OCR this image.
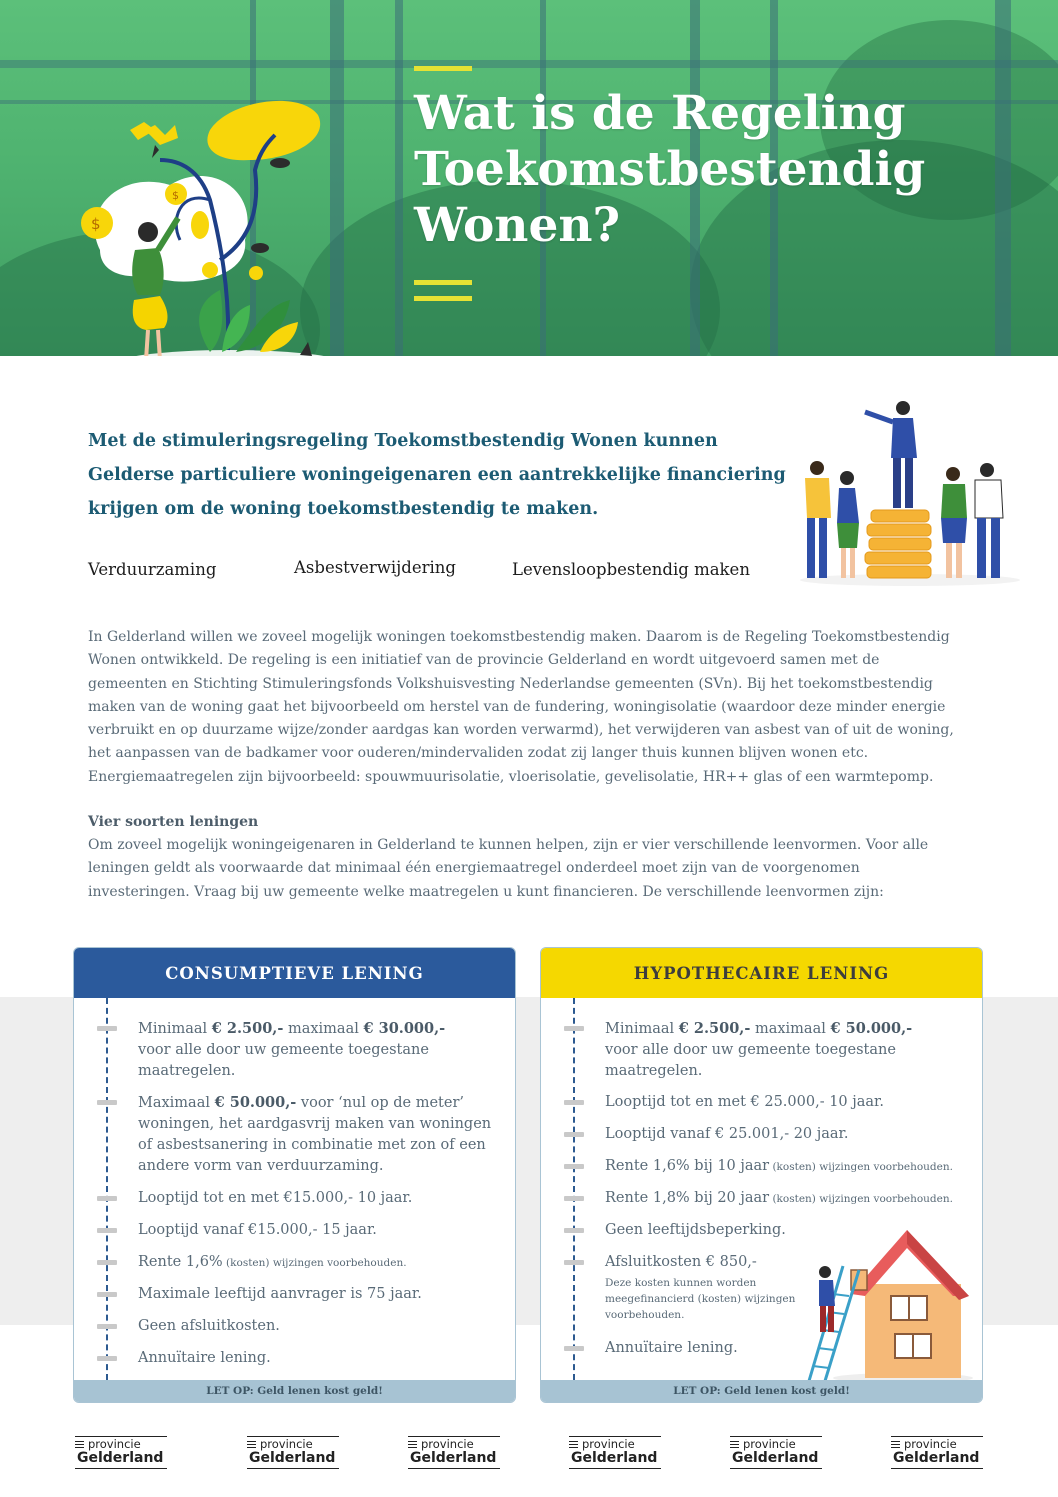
$
$
Wat is de Regeling
Toekomstbestendig
Wonen?

Met de stimuleringsregeling Toekomstbestendig Wonen kunnen Gelderse particuliere woningeigenaren een aantrekkelijke financiering krijgen om de woning toekomstbestendig te maken.

Verduurzaming	Asbestverwijdering	Levensloopbestendig maken

In Gelderland willen we zoveel mogelijk woningen toekomstbestendig maken. Daarom is de Regeling Toekomstbestendig Wonen ontwikkeld. De regeling is een initiatief van de provincie Gelderland en wordt uitgevoerd samen met de gemeenten en Stichting Stimuleringsfonds Volkshuisvesting Nederlandse gemeenten (SVn). Bij het toekomstbestendig maken van de woning gaat het bijvoorbeeld om herstel van de fundering, woningisolatie (waardoor deze minder energie verbruikt en op duurzame wijze/zonder aardgas kan worden verwarmd), het verwijderen van asbest van of uit de woning, het aanpassen van de badkamer voor ouderen/mindervaliden zodat zij langer thuis kunnen blijven wonen etc. Energiemaatregelen zijn bijvoorbeeld: spouwmuurisolatie, vloerisolatie, gevelisolatie, HR++ glas of een warmtepomp.

Vier soorten leningen

Om zoveel mogelijk woningeigenaren in Gelderland te kunnen helpen, zijn er vier verschillende leenvormen. Voor alle leningen geldt als voorwaarde dat minimaal één energiemaatregel onderdeel moet zijn van de voorgenomen investeringen. Vraag bij uw gemeente welke maatregelen u kunt financieren. De verschillende leenvormen zijn:

CONSUMPTIEVE LENING
Minimaal € 2.500,- maximaal € 30.000,-
voor alle door uw gemeente toegestane maatregelen.
Maximaal € 50.000,- voor ‘nul op de meter’ woningen, het aardgasvrij maken van woningen of asbestsanering in combinatie met zon of een andere vorm van verduurzaming.
Looptijd tot en met €15.000,- 10 jaar.
Looptijd vanaf €15.000,- 15 jaar.
Rente 1,6% (kosten) wijzingen voorbehouden.
Maximale leeftijd aanvrager is 75 jaar.
Geen afsluitkosten.
Annuïtaire lening.
LET OP: Geld lenen kost geld!
HYPOTHECAIRE LENING
Minimaal € 2.500,- maximaal € 50.000,-
voor alle door uw gemeente toegestane maatregelen.
Looptijd tot en met € 25.000,- 10 jaar.
Looptijd vanaf € 25.001,- 20 jaar.
Rente 1,6% bij 10 jaar (kosten) wijzingen voorbehouden.
Rente 1,8% bij 20 jaar (kosten) wijzingen voorbehouden.
Geen leeftijdsbeperking.
Afsluitkosten € 850,-

Deze kosten kunnen worden meegefinancierd (kosten) wijzingen voorbehouden.
Annuïtaire lening.
LET OP: Geld lenen kost geld!
provincie
Gelderland
provincie
Gelderland
provincie
Gelderland
provincie
Gelderland
provincie
Gelderland
provincie
Gelderland
